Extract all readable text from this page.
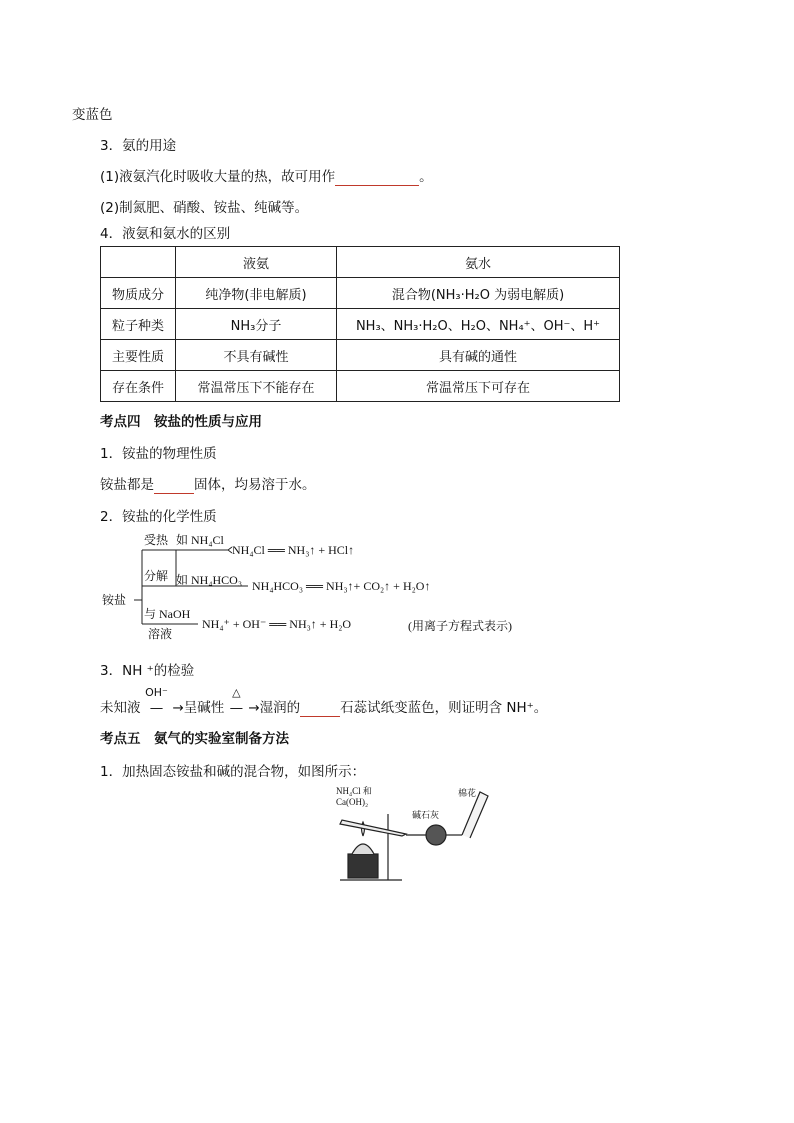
变蓝色
3．氨的用途
(1)液氨汽化时吸收大量的热，故可用作	。
(2)制氮肥、硝酸、铵盐、纯碱等。
4．液氨和氨水的区别
	液氨	氨水
物质成分	纯净物(非电解质)	混合物(NH₃·H₂O 为弱电解质)
粒子种类	NH₃分子	NH₃、NH₃·H₂O、H₂O、NH₄⁺、OH⁻、H⁺
主要性质	不具有碱性	具有碱的通性
存在条件	常温常压下不能存在	常温常压下可存在
考点四　铵盐的性质与应用
1．铵盐的物理性质
铵盐都是	固体，均易溶于水。
2．铵盐的化学性质
铵盐
受热
分解
与 NaOH
溶液
如 NH₄Cl
NH₄Cl ══ NH₃↑ + HCl↑
如 NH₄HCO₃ NH₄HCO₃ ══ NH₃↑+ CO₂↑ + H₂O↑
NH₄⁺ + OH⁻ ══ NH₃↑ + H₂O	(用离子方程式表示)
3．NH ⁺的检验
未知液
OH⁻
— →呈碱性
△
— →湿润的	石蕊试纸变蓝色，则证明含 NH⁺。
考点五　氨气的实验室制备方法
1．加热固态铵盐和碱的混合物，如图所示：
NH₄Cl 和
Ca(OH)₂
碱石灰
棉花
